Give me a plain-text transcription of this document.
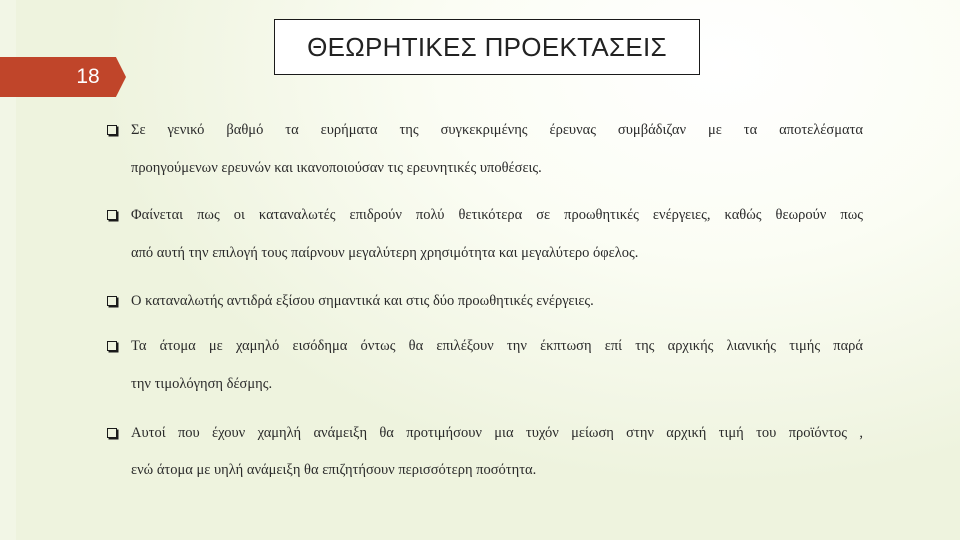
18
ΘΕΩΡΗΤΙΚΕΣ ΠΡΟΕΚΤΑΣΕΙΣ
Σε γενικό βαθμό τα ευρήματα της συγκεκριμένης έρευνας συμβάδιζαν με τα αποτελέσματα
προηγούμενων ερευνών και ικανοποιούσαν τις ερευνητικές υποθέσεις.
Φαίνεται πως οι καταναλωτές επιδρούν πολύ θετικότερα σε προωθητικές ενέργειες, καθώς θεωρούν πως
από αυτή την επιλογή τους παίρνουν μεγαλύτερη χρησιμότητα και μεγαλύτερο όφελος.
Ο καταναλωτής αντιδρά εξίσου σημαντικά και στις δύο προωθητικές ενέργειες.
Τα άτομα με χαμηλό εισόδημα όντως θα επιλέξουν την έκπτωση επί της αρχικής λιανικής τιμής παρά
την τιμολόγηση δέσμης.
Αυτοί που έχουν χαμηλή ανάμειξη θα προτιμήσουν μια τυχόν μείωση στην αρχική τιμή του προϊόντος ,
ενώ άτομα με υηλή ανάμειξη θα επιζητήσουν περισσότερη ποσότητα.
